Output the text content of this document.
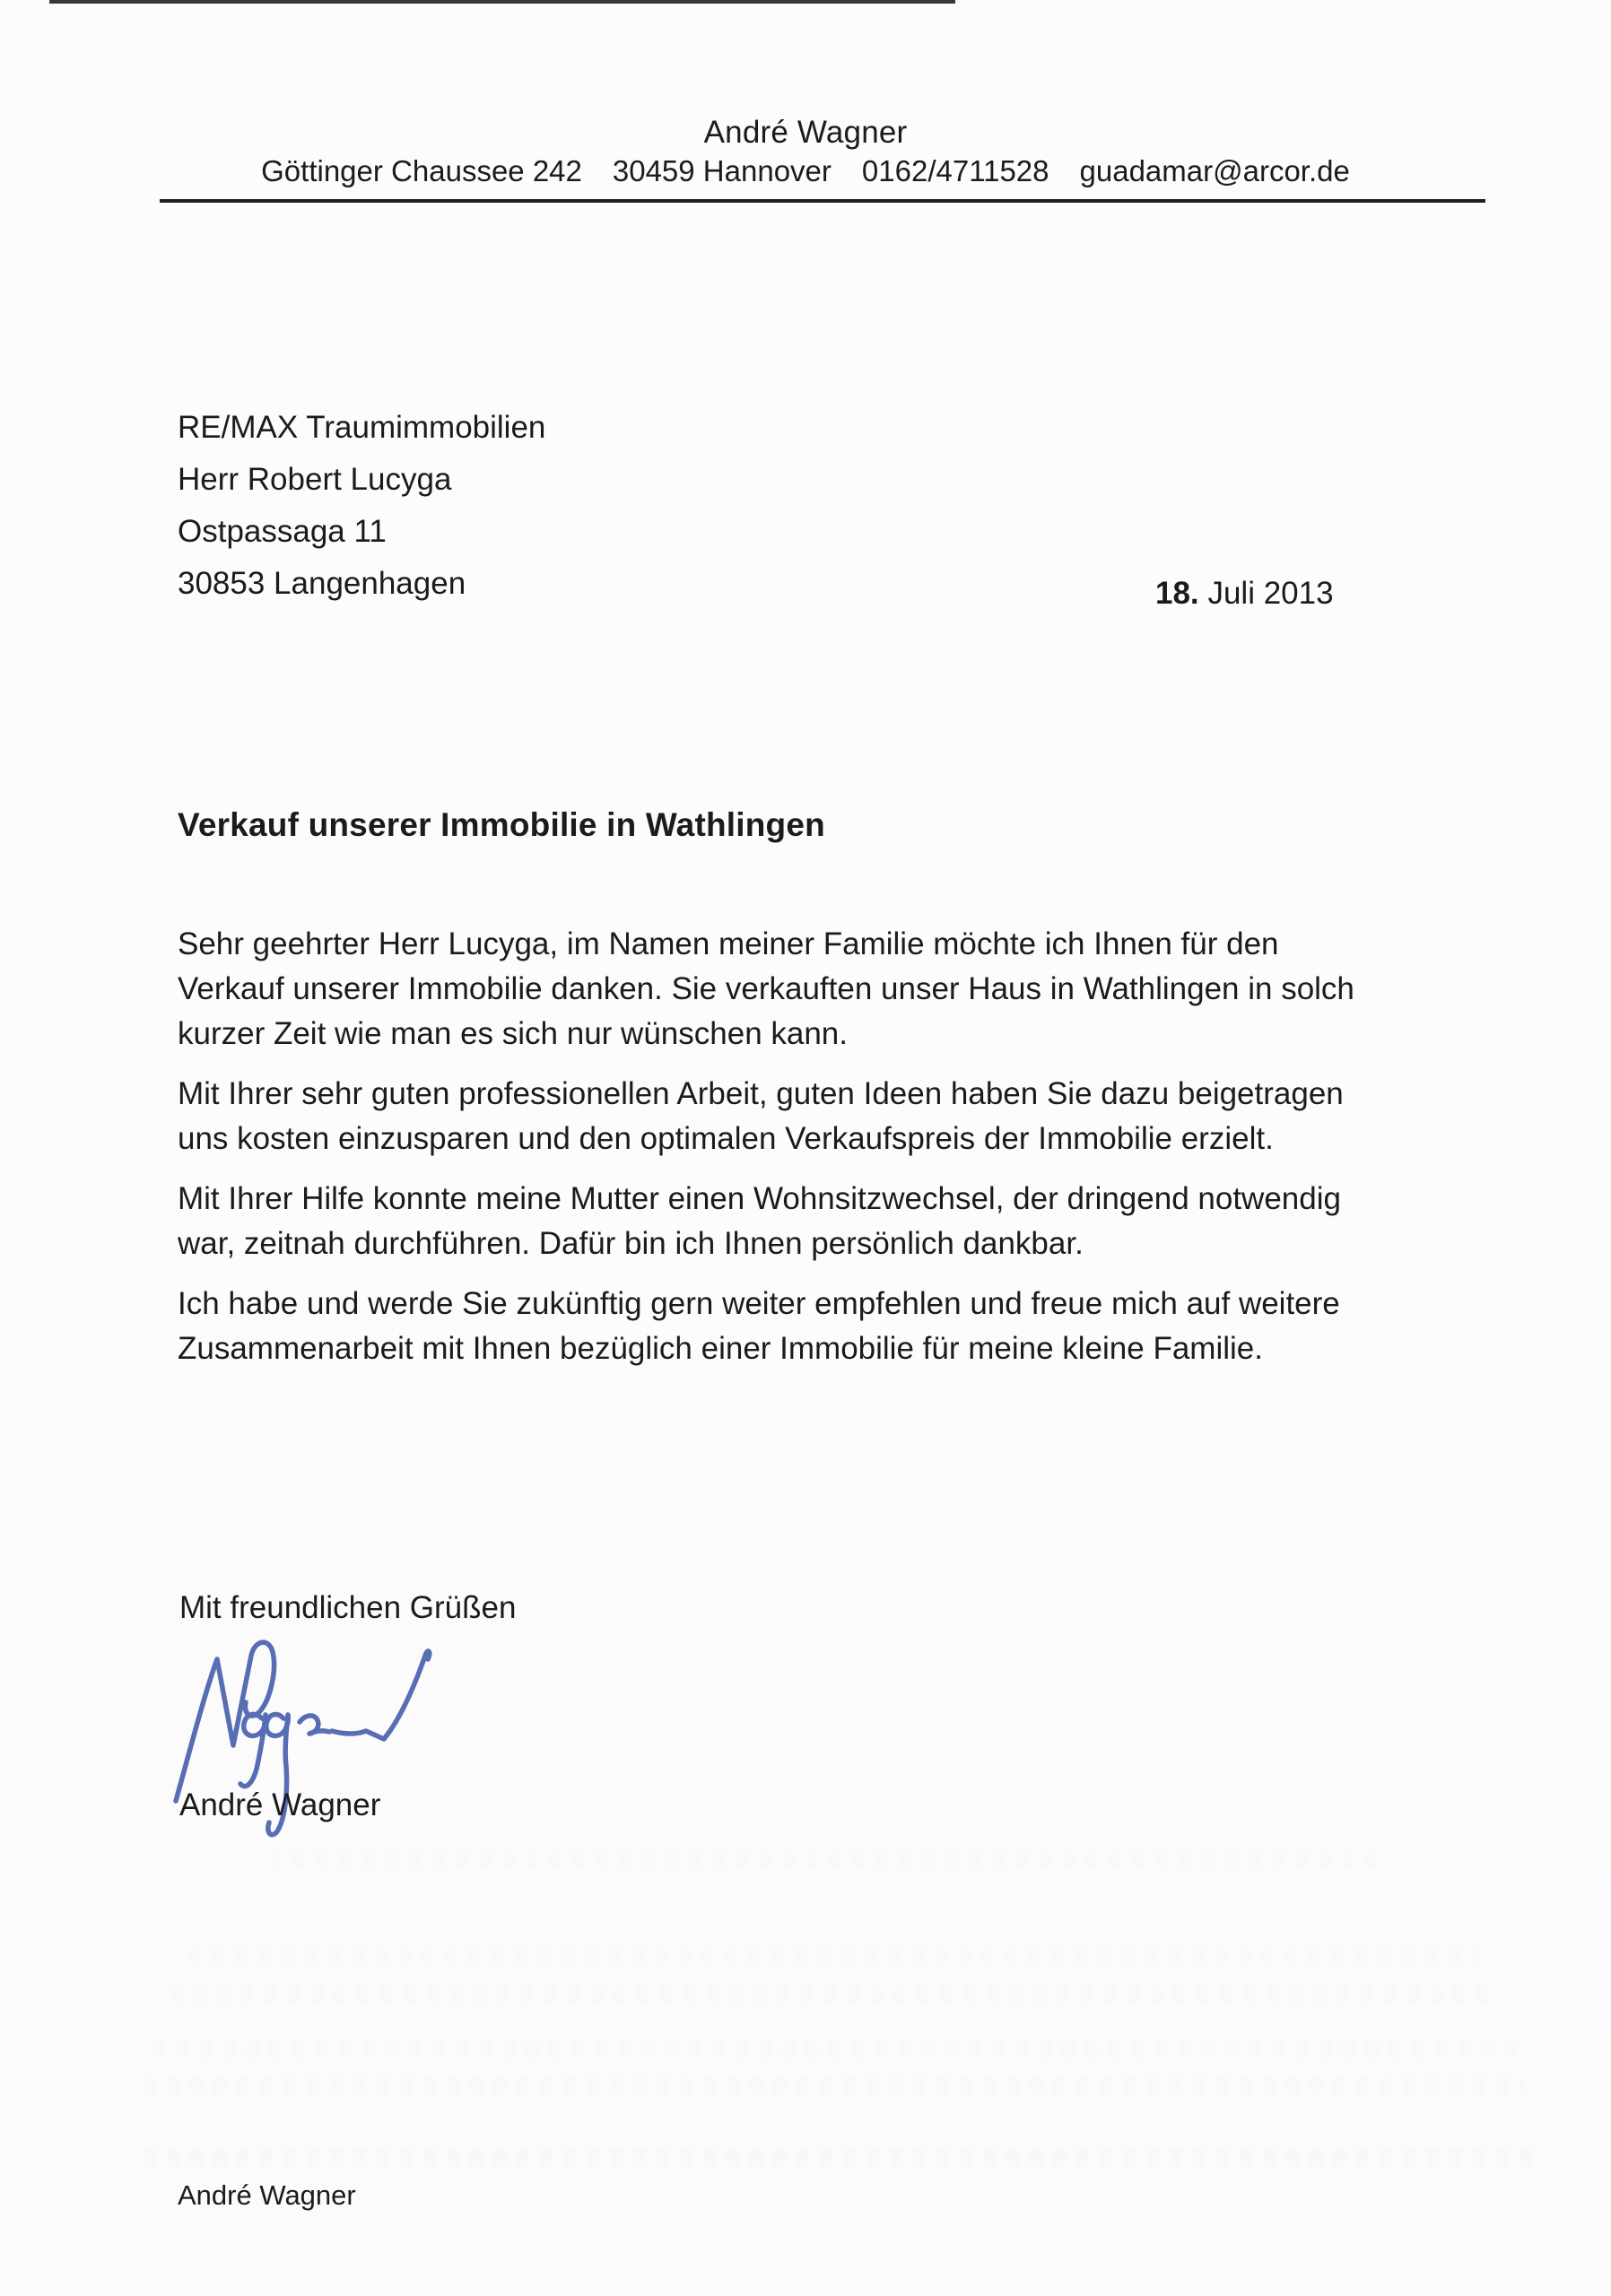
André Wagner
Göttinger Chaussee 242 30459 Hannover 0162/4711528 guadamar@arcor.de
RE/MAX Traumimmobilien
Herr Robert Lucyga
Ostpassaga 11
30853 Langenhagen	18. Juli 2013
Verkauf unserer Immobilie in Wathlingen

Sehr geehrter Herr Lucyga, im Namen meiner Familie möchte ich Ihnen für den
Verkauf unserer Immobilie danken. Sie verkauften unser Haus in Wathlingen in solch
kurzer Zeit wie man es sich nur wünschen kann.

Mit Ihrer sehr guten professionellen Arbeit, guten Ideen haben Sie dazu beigetragen
uns kosten einzusparen und den optimalen Verkaufspreis der Immobilie erzielt.

Mit Ihrer Hilfe konnte meine Mutter einen Wohnsitzwechsel, der dringend notwendig
war, zeitnah durchführen. Dafür bin ich Ihnen persönlich dankbar.

Ich habe und werde Sie zukünftig gern weiter empfehlen und freue mich auf weitere
Zusammenarbeit mit Ihnen bezüglich einer Immobilie für meine kleine Familie.

Mit freundlichen Grüßen
André Wagner
André Wagner
